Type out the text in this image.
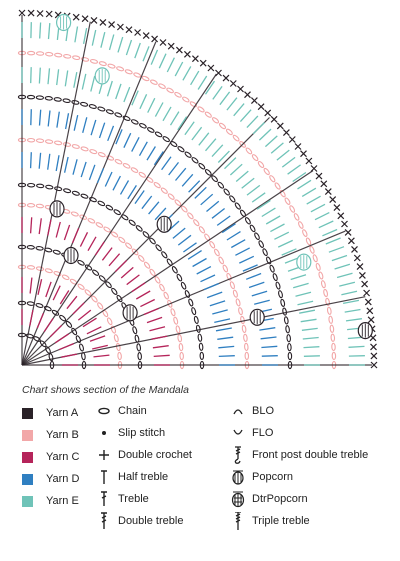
Chart shows section of the Mandala
Yarn A
Yarn B
Yarn C
Yarn D
Yarn E
Chain
Slip stitch
Double crochet
Half treble
Treble
Double treble
BLO
FLO
Front post double treble
Popcorn
DtrPopcorn
Triple treble
